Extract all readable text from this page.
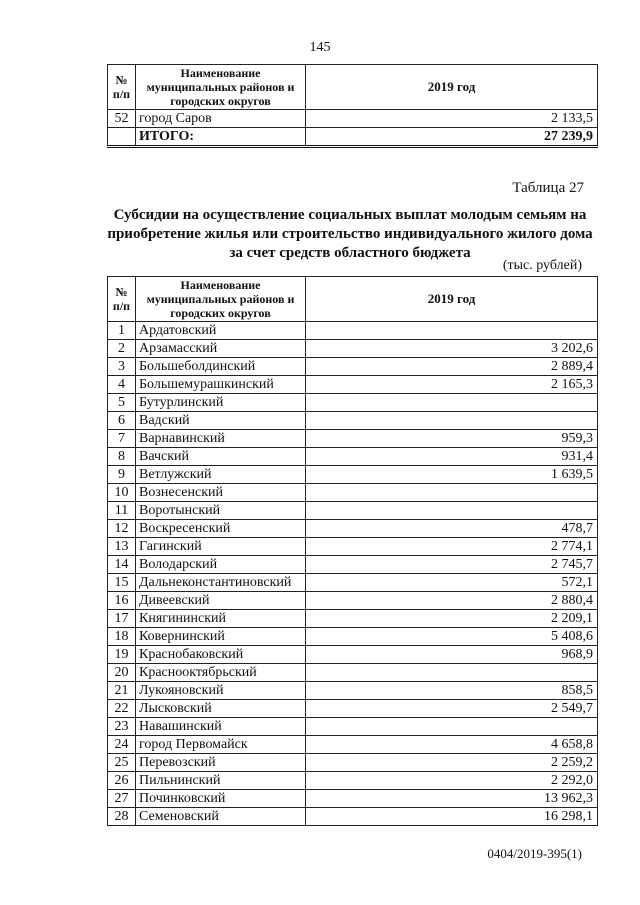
145
№
п/п	Наименование муниципальных районов и городских округов	2019 год
52	город Саров	2 133,5
	ИТОГО:	27 239,9
Таблица 27
Субсидии на осуществление социальных выплат молодым семьям на приобретение жилья или строительство индивидуального жилого дома за счет средств областного бюджета
(тыс. рублей)
№
п/п	Наименование муниципальных районов и городских округов	2019 год
1	Ардатовский	
2	Арзамасский	3 202,6
3	Большеболдинский	2 889,4
4	Большемурашкинский	2 165,3
5	Бутурлинский	
6	Вадский	
7	Варнавинский	959,3
8	Вачский	931,4
9	Ветлужский	1 639,5
10	Вознесенский	
11	Воротынский	
12	Воскресенский	478,7
13	Гагинский	2 774,1
14	Володарский	2 745,7
15	Дальнеконстантиновский	572,1
16	Дивеевский	2 880,4
17	Княгининский	2 209,1
18	Ковернинский	5 408,6
19	Краснобаковский	968,9
20	Краснооктябрьский	
21	Лукояновский	858,5
22	Лысковский	2 549,7
23	Навашинский	
24	город Первомайск	4 658,8
25	Перевозский	2 259,2
26	Пильнинский	2 292,0
27	Починковский	13 962,3
28	Семеновский	16 298,1
0404/2019-395(1)
